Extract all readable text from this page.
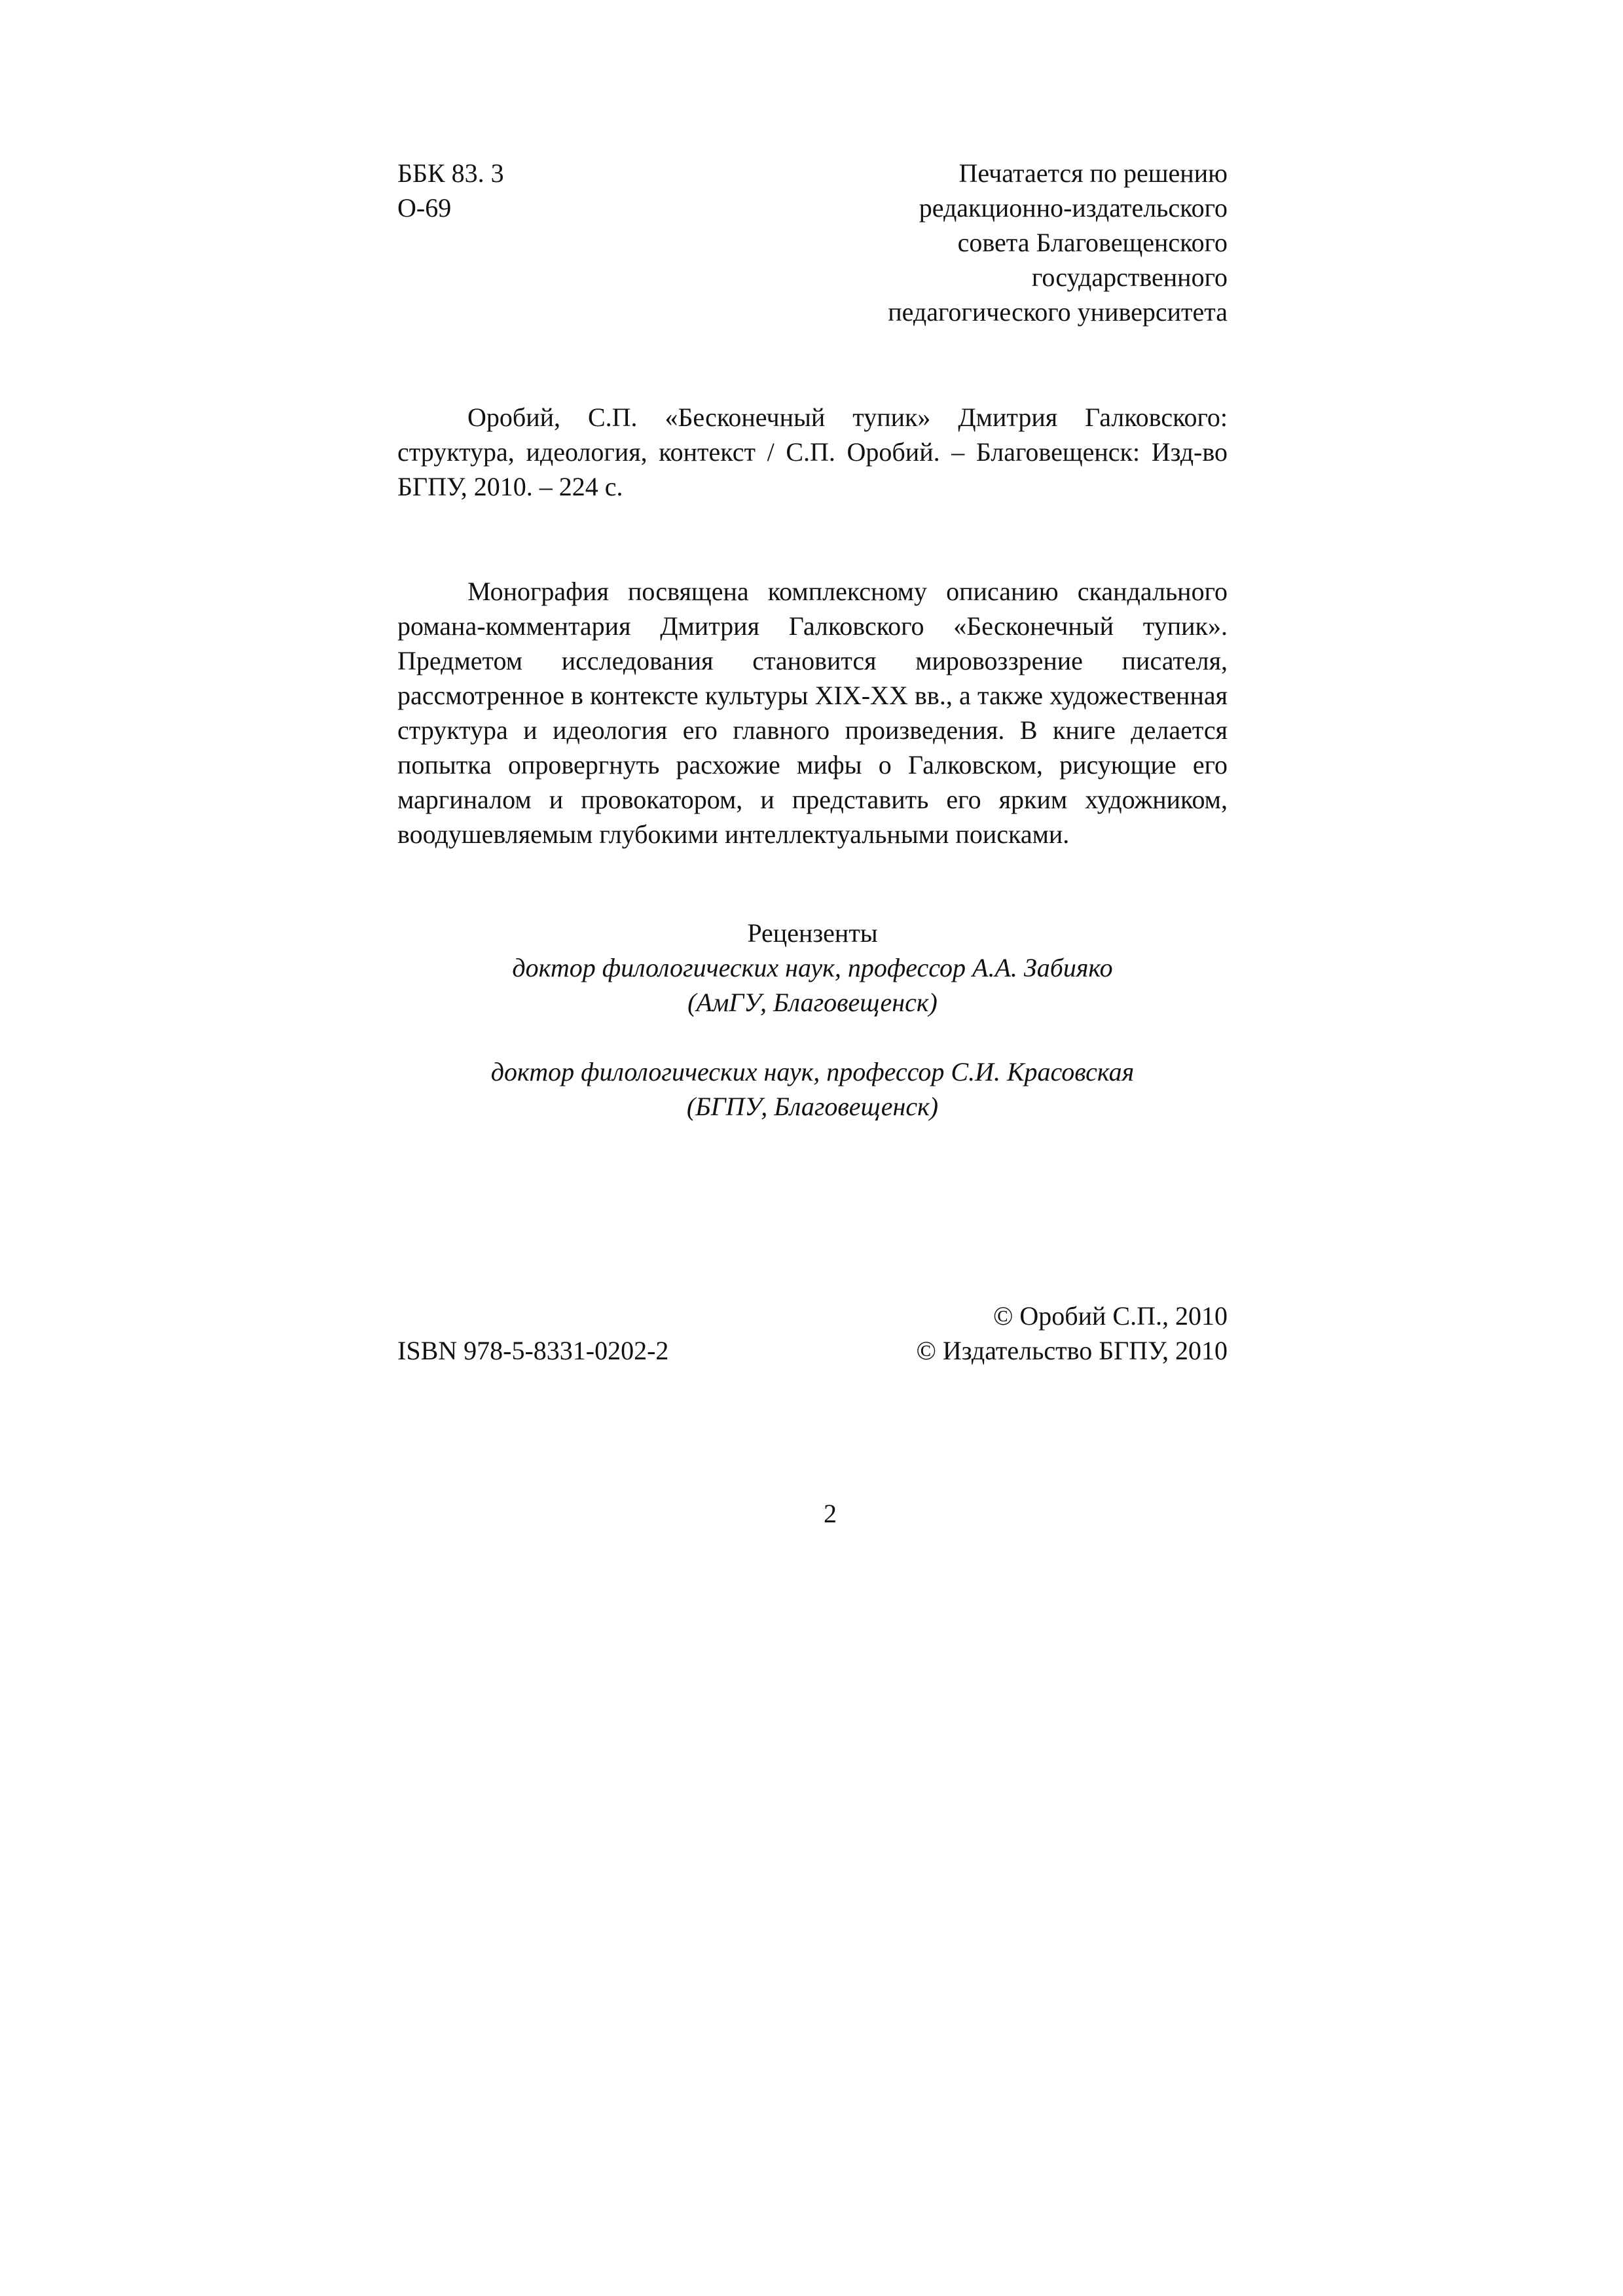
ББК 83. 3
О-69
Печатается по решению
редакционно-издательского
совета Благовещенского
государственного
педагогического университета

Оробий, С.П. «Бесконечный тупик» Дмитрия Галковского: структура, идеология, контекст / С.П. Оробий. – Благовещенск: Изд-во БГПУ, 2010. – 224 с.

Монография посвящена комплексному описанию скандального романа-комментария Дмитрия Галковского «Бесконечный тупик». Предметом исследования становится мировоззрение писателя, рассмотренное в контексте культуры XIX-XX вв., а также художественная структура и идеология его главного произведения. В книге делается попытка опровергнуть расхожие мифы о Галковском, рисующие его маргиналом и провокатором, и представить его ярким художником, воодушевляемым глубокими интеллектуальными поисками.

Рецензенты
доктор филологических наук, профессор А.А. Забияко
(АмГУ, Благовещенск)
доктор филологических наук, профессор С.И. Красовская
(БГПУ, Благовещенск)
ISBN 978-5-8331-0202-2
© Оробий С.П., 2010
© Издательство БГПУ, 2010
2
